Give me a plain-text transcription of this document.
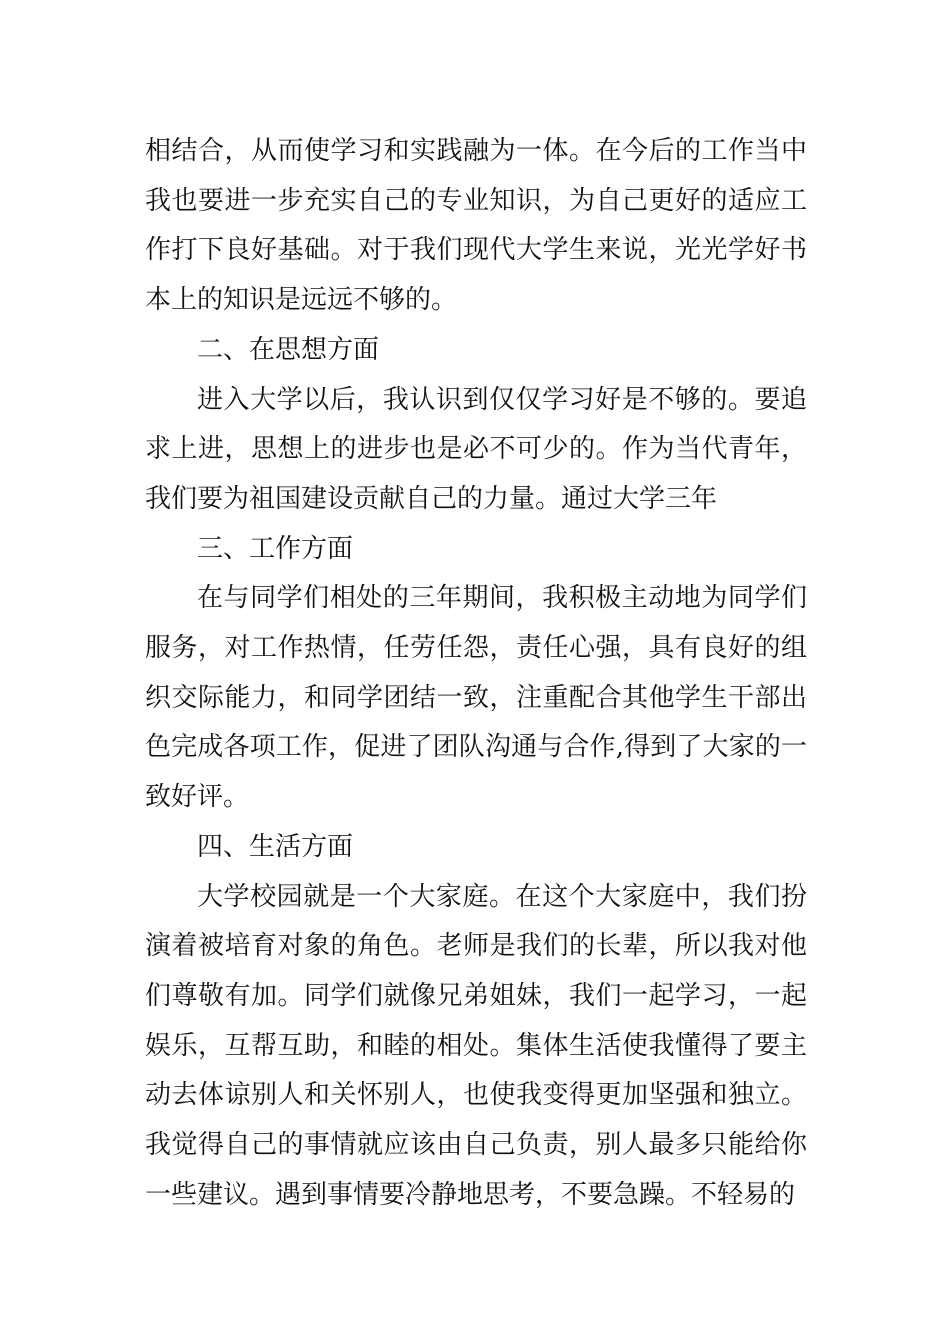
相结合，从而使学习和实践融为一体。在今后的工作当中我也要进一步充实自己的专业知识，为自己更好的适应工作打下良好基础。对于我们现代大学生来说，光光学好书本上的知识是远远不够的。

二、在思想方面

进入大学以后，我认识到仅仅学习好是不够的。要追求上进，思想上的进步也是必不可少的。作为当代青年，我们要为祖国建设贡献自己的力量。通过大学三年

三、工作方面

在与同学们相处的三年期间，我积极主动地为同学们服务，对工作热情，任劳任怨，责任心强，具有良好的组织交际能力，和同学团结一致，注重配合其他学生干部出色完成各项工作，促进了团队沟通与合作,得到了大家的一致好评。

四、生活方面

大学校园就是一个大家庭。在这个大家庭中，我们扮演着被培育对象的角色。老师是我们的长辈，所以我对他们尊敬有加。同学们就像兄弟姐妹，我们一起学习，一起娱乐，互帮互助，和睦的相处。集体生活使我懂得了要主动去体谅别人和关怀别人，也使我变得更加坚强和独立。我觉得自己的事情就应该由自己负责，别人最多只能给你一些建议。遇到事情要冷静地思考，不要急躁。不轻易的
